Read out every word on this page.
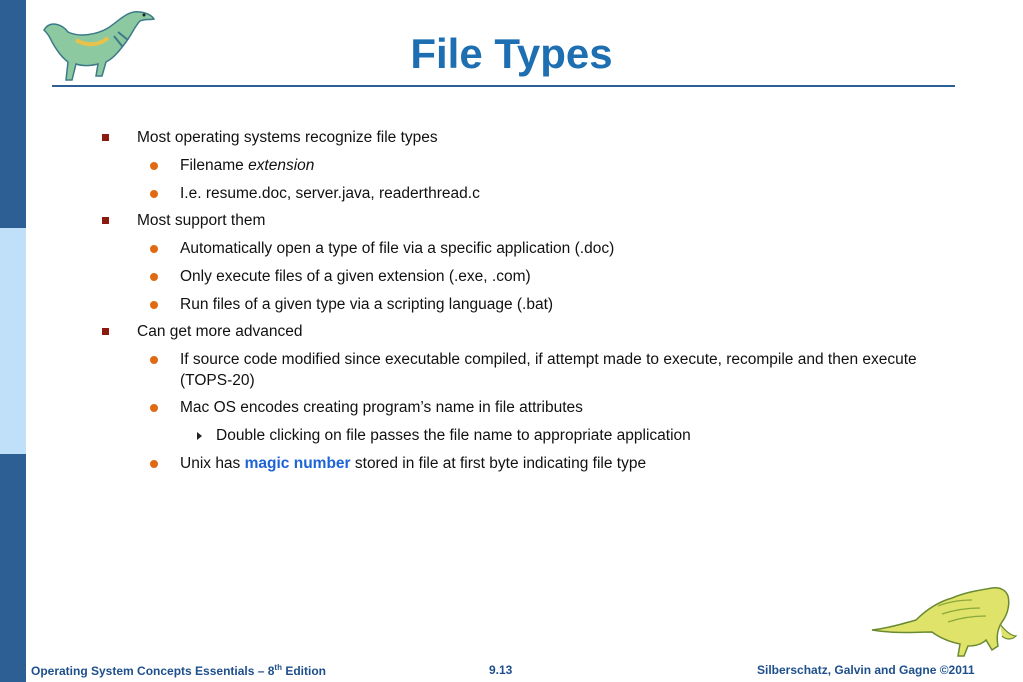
File Types
Most operating systems recognize file types
Filename extension
I.e. resume.doc, server.java, readerthread.c
Most support them
Automatically open a type of file via a specific application (.doc)
Only execute files of a given extension (.exe, .com)
Run files of a given type via a scripting language (.bat)
Can get more advanced
If source code modified since executable compiled, if attempt made to execute, recompile and then execute
(TOPS-20)
Mac OS encodes creating program’s name in file attributes
Double clicking on file passes the file name to appropriate application
Unix has magic number stored in file at first byte indicating file type
Operating System Concepts Essentials – 8th Edition	9.13	Silberschatz, Galvin and Gagne ©2011
